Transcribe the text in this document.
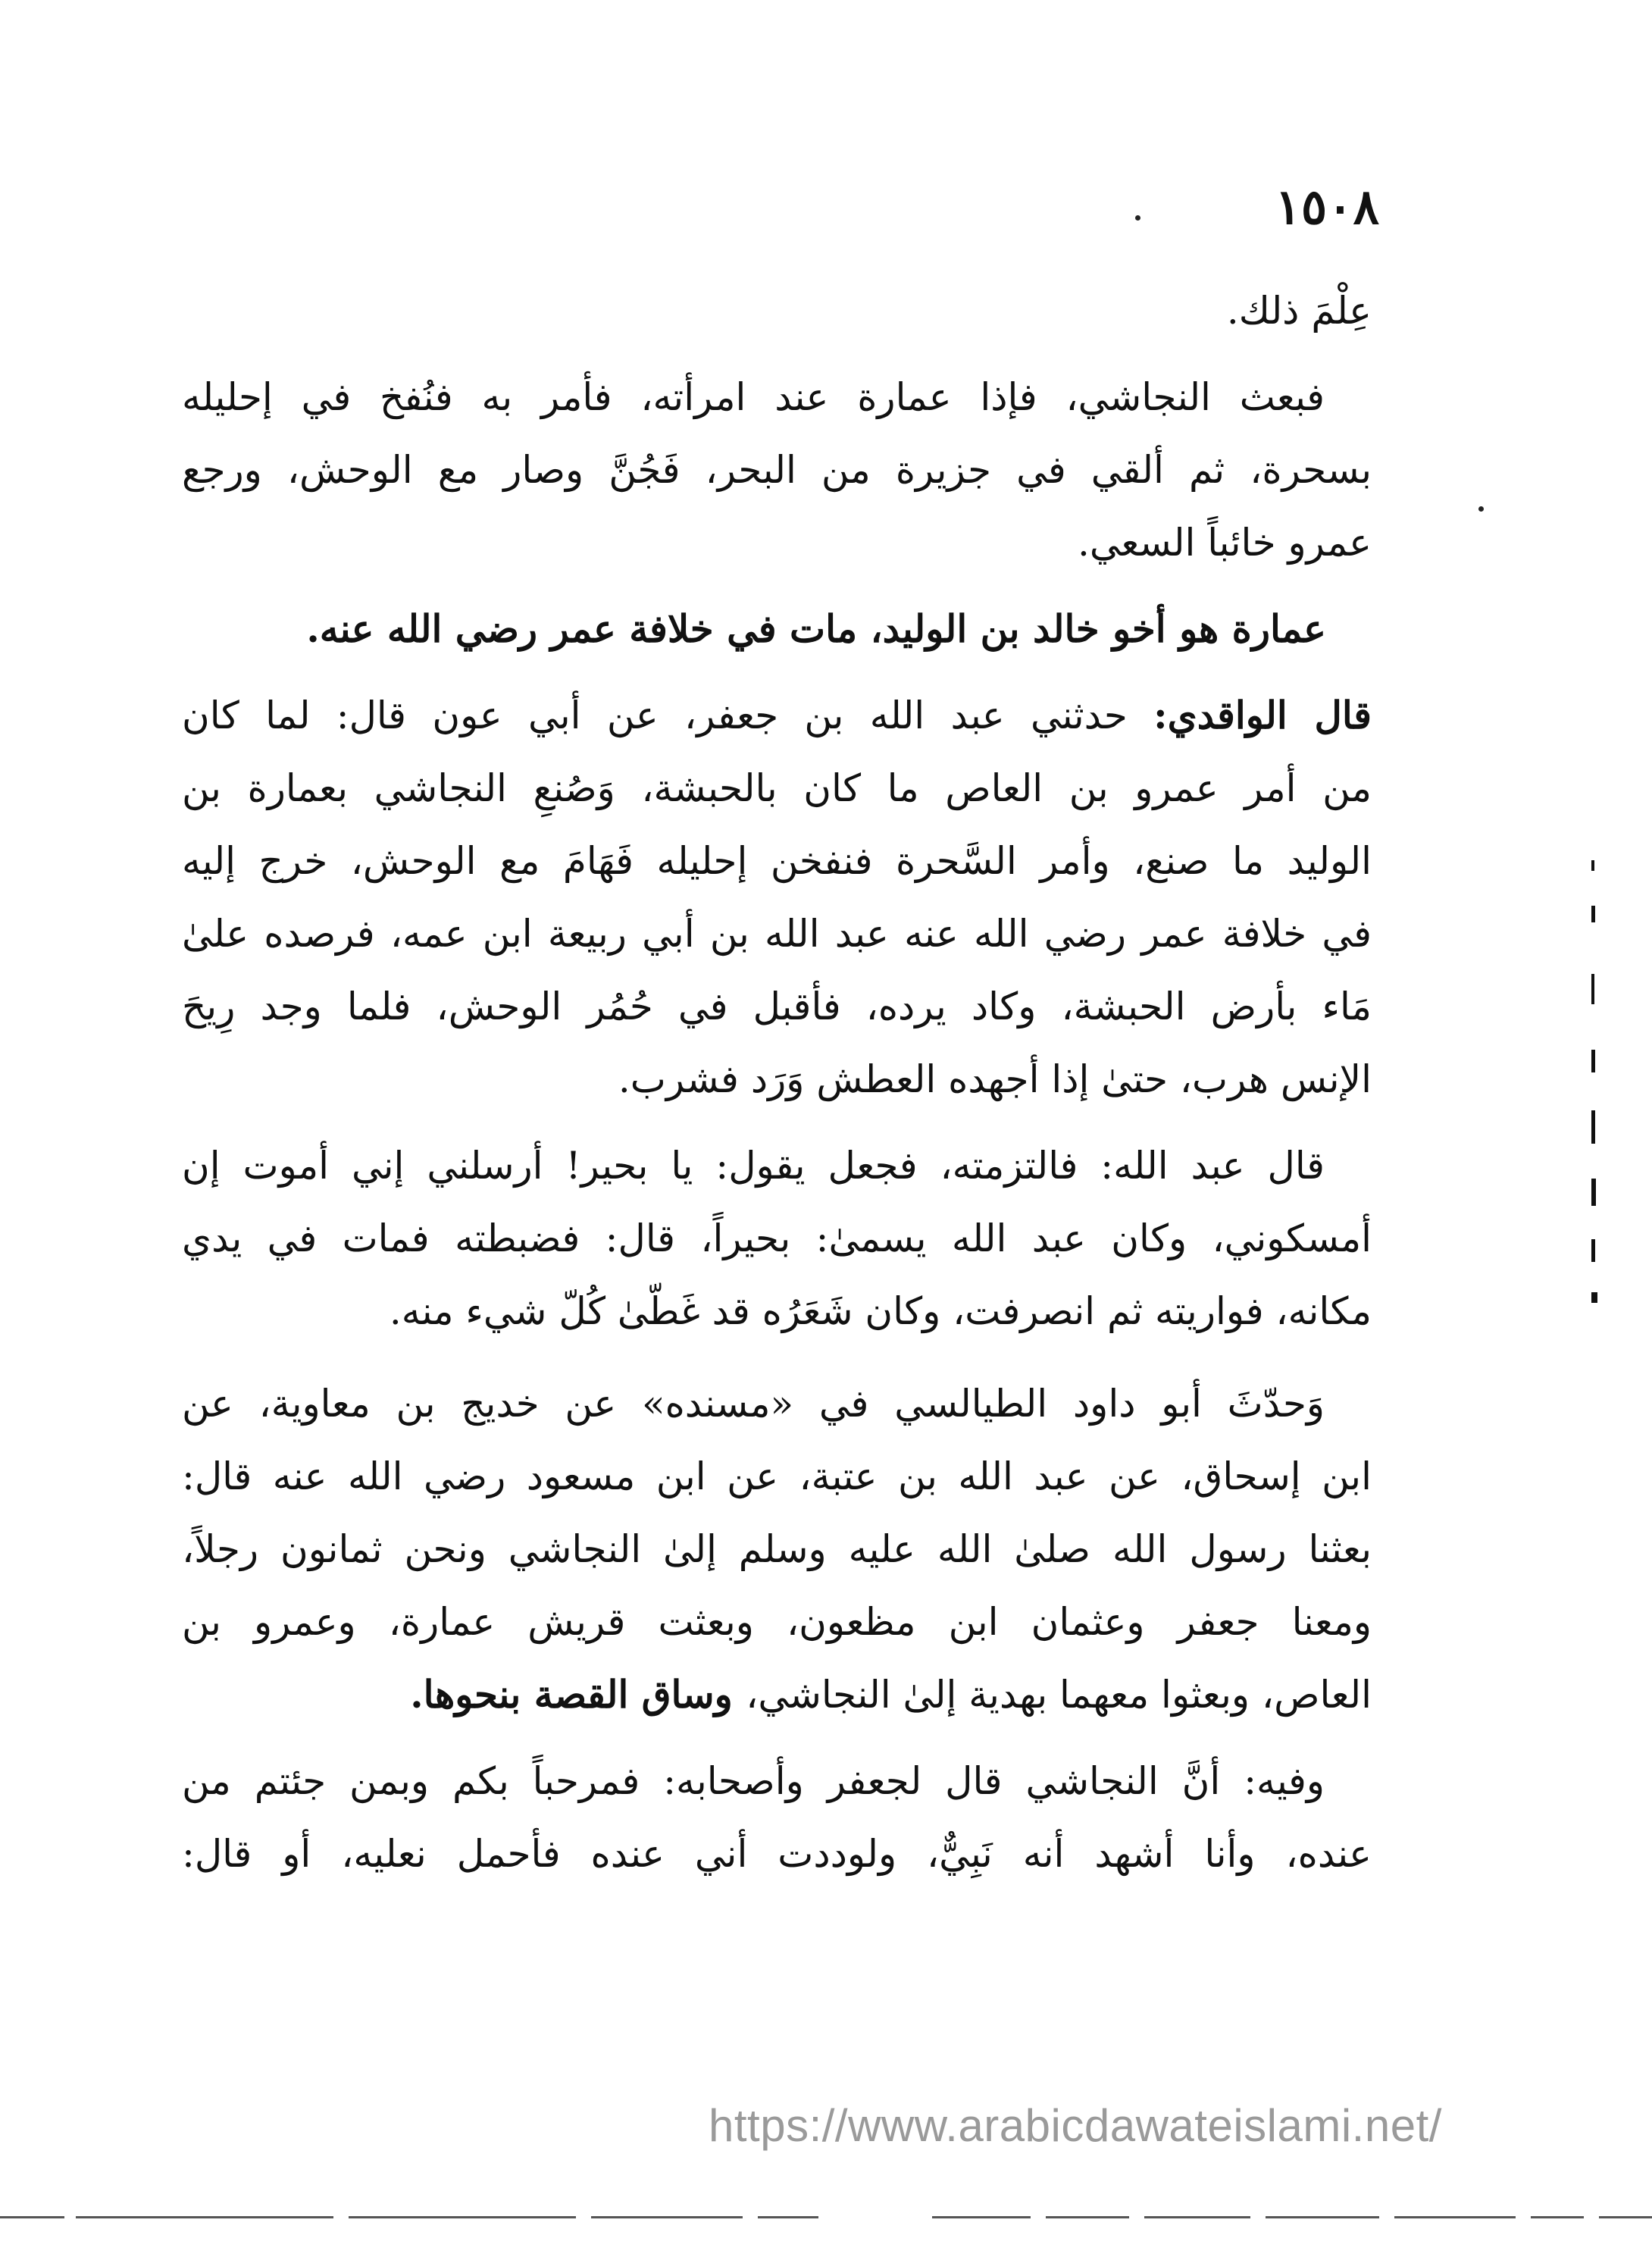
١٥٠٨

عِلْمَ ذلك.

فبعث النجاشي، فإذا عمارة عند امرأته، فأمر به فنُفخ في إحليله
بسحرة، ثم ألقي في جزيرة من البحر، فَجُنَّ وصار مع الوحش، ورجع
عمرو خائباً السعي.

عمارة هو أخو خالد بن الوليد، مات في خلافة عمر رضي الله عنه.

قال الواقدي: حدثني عبد الله بن جعفر، عن أبي عون قال: لما كان
من أمر عمرو بن العاص ما كان بالحبشة، وَصُنعِ النجاشي بعمارة بن
الوليد ما صنع، وأمر السَّحرة فنفخن إحليله فَهَامَ مع الوحش، خرج إليه
في خلافة عمر رضي الله عنه عبد الله بن أبي ربيعة ابن عمه، فرصده علىٰ
مَاء بأرض الحبشة، وكاد يرده، فأقبل في حُمُر الوحش، فلما وجد رِيحَ
الإنس هرب، حتىٰ إذا أجهده العطش وَرَد فشرب.

قال عبد الله: فالتزمته، فجعل يقول: يا بحير! أرسلني إني أموت إن
أمسكوني، وكان عبد الله يسمىٰ: بحيراً، قال: فضبطته فمات في يدي
مكانه، فواريته ثم انصرفت، وكان شَعَرُه قد غَطّىٰ كُلّ شيء منه.

وَحدّثَ أبو داود الطيالسي في «مسنده» عن خديج بن معاوية، عن
ابن إسحاق، عن عبد الله بن عتبة، عن ابن مسعود رضي الله عنه قال:
بعثنا رسول الله صلىٰ الله عليه وسلم إلىٰ النجاشي ونحن ثمانون رجلاً،
ومعنا جعفر وعثمان ابن مظعون، وبعثت قريش عمارة، وعمرو بن
العاص، وبعثوا معهما بهدية إلىٰ النجاشي، وساق القصة بنحوها.

وفيه: أنَّ النجاشي قال لجعفر وأصحابه: فمرحباً بكم وبمن جئتم من
عنده، وأنا أشهد أنه نَبِيٌّ، ولوددت أني عنده فأحمل نعليه، أو قال:

https://www.arabicdawateislami.net/
